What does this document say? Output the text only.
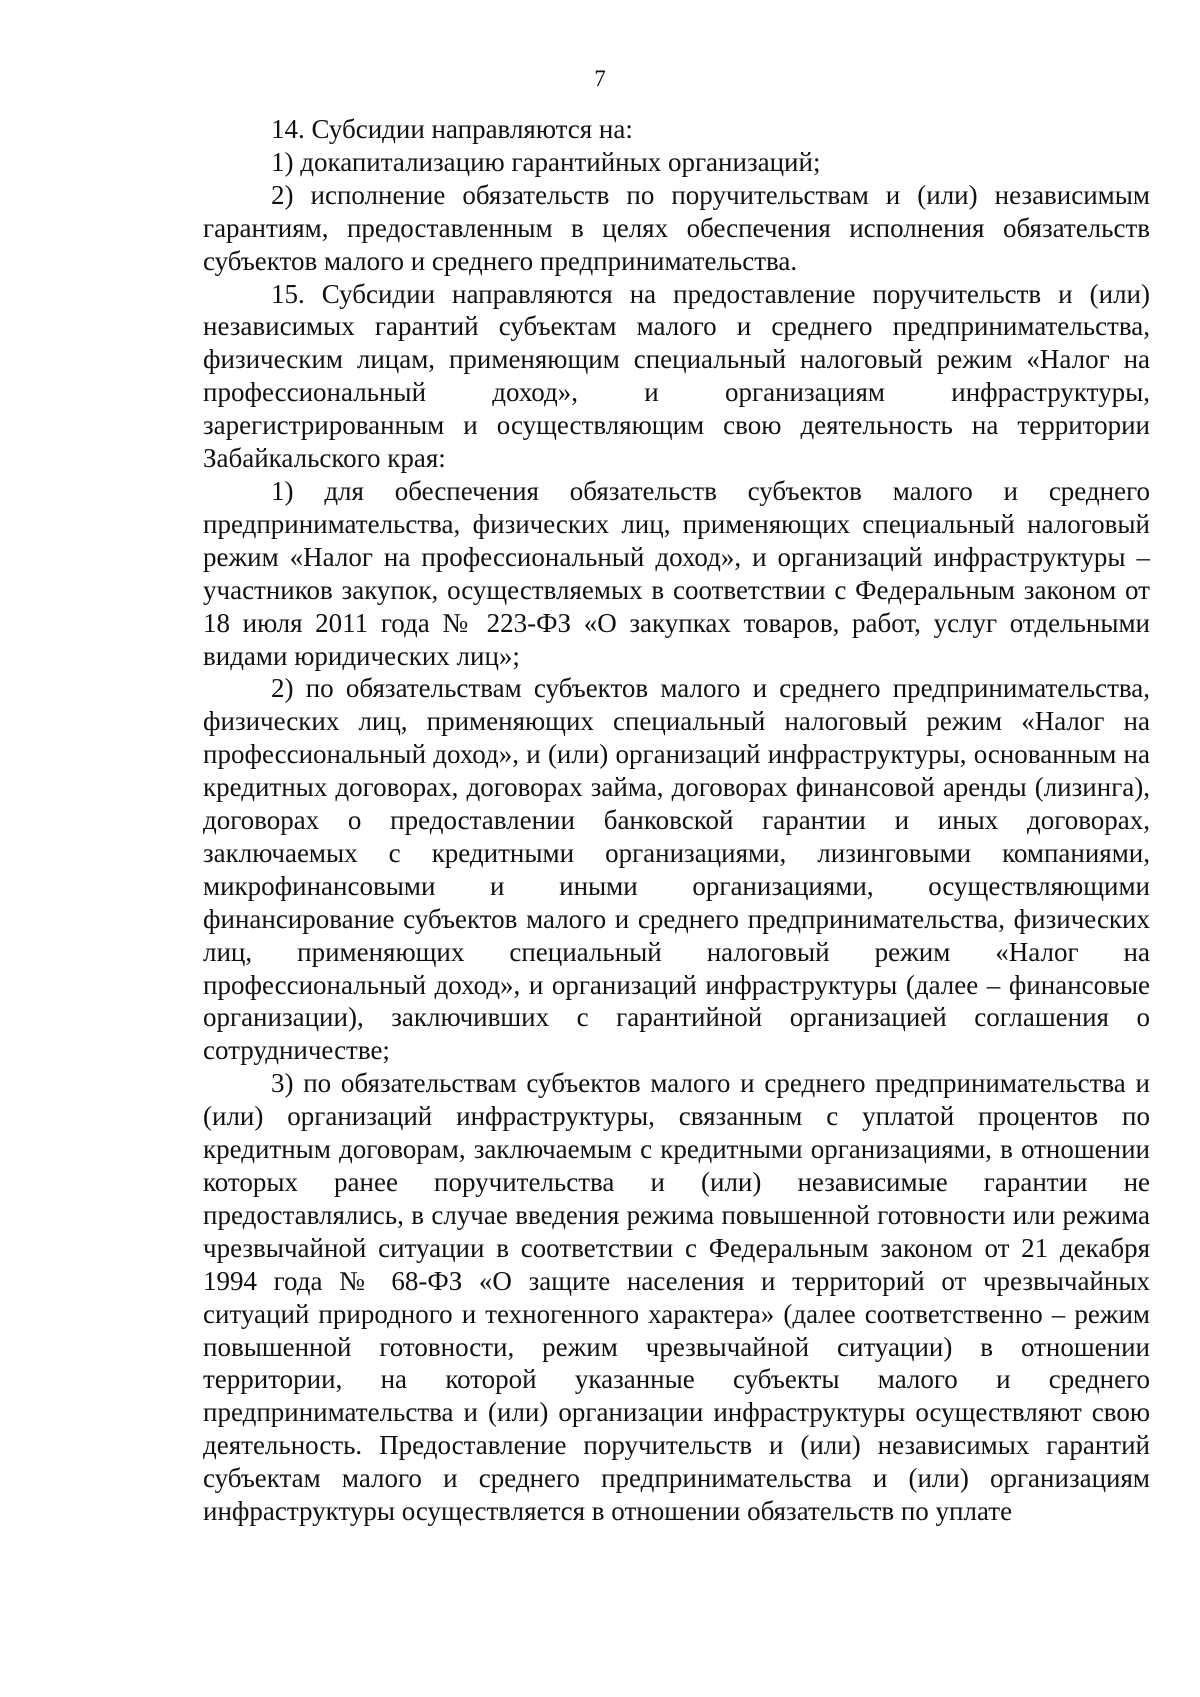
7

14. Субсидии направляются на:

1) докапитализацию гарантийных организаций;

2) исполнение обязательств по поручительствам и (или) независимым гарантиям, предоставленным в целях обеспечения исполнения обязательств субъектов малого и среднего предпринимательства.

15. Субсидии направляются на предоставление поручительств и (или) независимых гарантий субъектам малого и среднего предпринимательства, физическим лицам, применяющим специальный налоговый режим «Налог на профессиональный доход», и организациям инфраструктуры, зарегистрированным и осуществляющим свою деятельность на территории Забайкальского края:

1) для обеспечения обязательств субъектов малого и среднего предпринимательства, физических лиц, применяющих специальный налоговый режим «Налог на профессиональный доход», и организаций инфраструктуры – участников закупок, осуществляемых в соответствии с Федеральным законом от 18 июля 2011 года № 223-ФЗ «О закупках товаров, работ, услуг отдельными видами юридических лиц»;

2) по обязательствам субъектов малого и среднего предпринимательства, физических лиц, применяющих специальный налоговый режим «Налог на профессиональный доход», и (или) организаций инфраструктуры, основанным на кредитных договорах, договорах займа, договорах финансовой аренды (лизинга), договорах о предоставлении банковской гарантии и иных договорах, заключаемых с кредитными организациями, лизинговыми компаниями, микрофинансовыми и иными организациями, осуществляющими финансирование субъектов малого и среднего предпринимательства, физических лиц, применяющих специальный налоговый режим «Налог на профессиональный доход», и организаций инфраструктуры (далее – финансовые организации), заключивших с гарантийной организацией соглашения о сотрудничестве;

3) по обязательствам субъектов малого и среднего предпринимательства и (или) организаций инфраструктуры, связанным с уплатой процентов по кредитным договорам, заключаемым с кредитными организациями, в отношении которых ранее поручительства и (или) независимые гарантии не предоставлялись, в случае введения режима повышенной готовности или режима чрезвычайной ситуации в соответствии с Федеральным законом от 21 декабря 1994 года № 68-ФЗ «О защите населения и территорий от чрезвычайных ситуаций природного и техногенного характера» (далее соответственно – режим повышенной готовности, режим чрезвычайной ситуации) в отношении территории, на которой указанные субъекты малого и среднего предпринимательства и (или) организации инфраструктуры осуществляют свою деятельность. Предоставление поручительств и (или) независимых гарантий субъектам малого и среднего предпринимательства и (или) организациям инфраструктуры осуществляется в отношении обязательств по уплате
